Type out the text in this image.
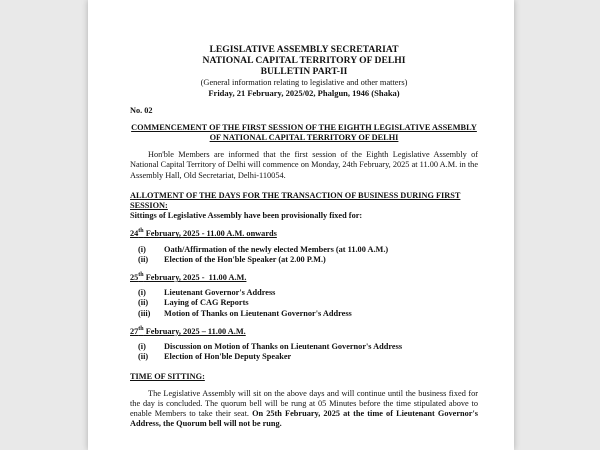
LEGISLATIVE ASSEMBLY SECRETARIAT
NATIONAL CAPITAL TERRITORY OF DELHI
BULLETIN PART-II
(General information relating to legislative and other matters)
Friday, 21 February, 2025/02, Phalgun, 1946 (Shaka)
No. 02
COMMENCEMENT OF THE FIRST SESSION OF THE EIGHTH LEGISLATIVE ASSEMBLY OF NATIONAL CAPITAL TERRITORY OF DELHI
Hon'ble Members are informed that the first session of the Eighth Legislative Assembly of National Capital Territory of Delhi will commence on Monday, 24th February, 2025 at 11.00 A.M. in the Assembly Hall, Old Secretariat, Delhi-110054.
ALLOTMENT OF THE DAYS FOR THE TRANSACTION OF BUSINESS DURING FIRST SESSION:
Sittings of Legislative Assembly have been provisionally fixed for:
24th February, 2025 - 11.00 A.M. onwards
(i)	Oath/Affirmation of the newly elected Members (at 11.00 A.M.)
(ii)	Election of the Hon'ble Speaker (at 2.00 P.M.)
25th February, 2025 -  11.00 A.M.
(i)	Lieutenant Governor's Address
(ii)	Laying of CAG Reports
(iii)	Motion of Thanks on Lieutenant Governor's Address
27th February, 2025 – 11.00 A.M.
(i)	Discussion on Motion of Thanks on Lieutenant Governor's Address
(ii)	Election of Hon'ble Deputy Speaker
TIME OF SITTING:
The Legislative Assembly will sit on the above days and will continue until the business fixed for the day is concluded. The quorum bell will be rung at 05 Minutes before the time stipulated above to enable Members to take their seat. On 25th February, 2025 at the time of Lieutenant Governor's Address, the Quorum bell will not be rung.
